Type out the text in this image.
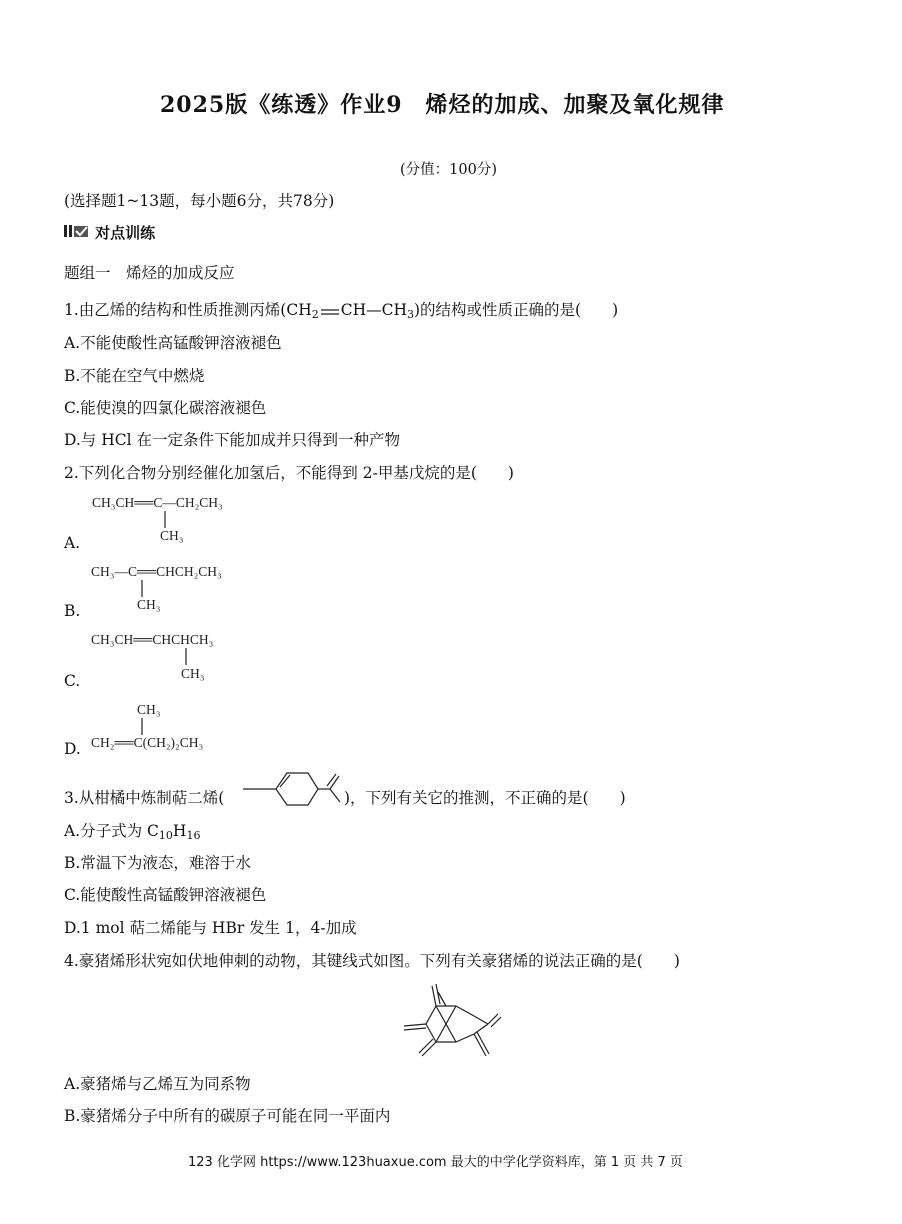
2025版《练透》作业9　烯烃的加成、加聚及氧化规律
(分值：100分)
(选择题1~13题，每小题6分，共78分)
对点训练
题组一　烯烃的加成反应
1.由乙烯的结构和性质推测丙烯($CH_2$ $CH—CH_3$)的结构或性质正确的是(　　)
A.不能使酸性高锰酸钾溶液褪色
B.不能在空气中燃烧
C.能使溴的四氯化碳溶液褪色
D.与 HCl 在一定条件下能加成并只得到一种产物
2.下列化合物分别经催化加氢后，不能得到 2-甲基戊烷的是(　　)
CH₃CH══C—CH₂CH₃
CH₃
A.
CH₃—C══CHCH₂CH₃
CH₃
B.
CH₃CH══CHCHCH₃
CH₃
C.
CH₃
CH₂══C(CH₂)₂CH₃
D.
3.从柑橘中炼制萜二烯(	)，下列有关它的推测，不正确的是(　　)
A.分子式为 $C_{10}H_{16}$
B.常温下为液态，难溶于水
C.能使酸性高锰酸钾溶液褪色
D.1 mol 萜二烯能与 HBr 发生 1，4-加成
4.豪猪烯形状宛如伏地伸刺的动物，其键线式如图。下列有关豪猪烯的说法正确的是(　　)
A.豪猪烯与乙烯互为同系物
B.豪猪烯分子中所有的碳原子可能在同一平面内
123 化学网 https://www.123huaxue.com 最大的中学化学资料库，第 1 页 共 7 页
